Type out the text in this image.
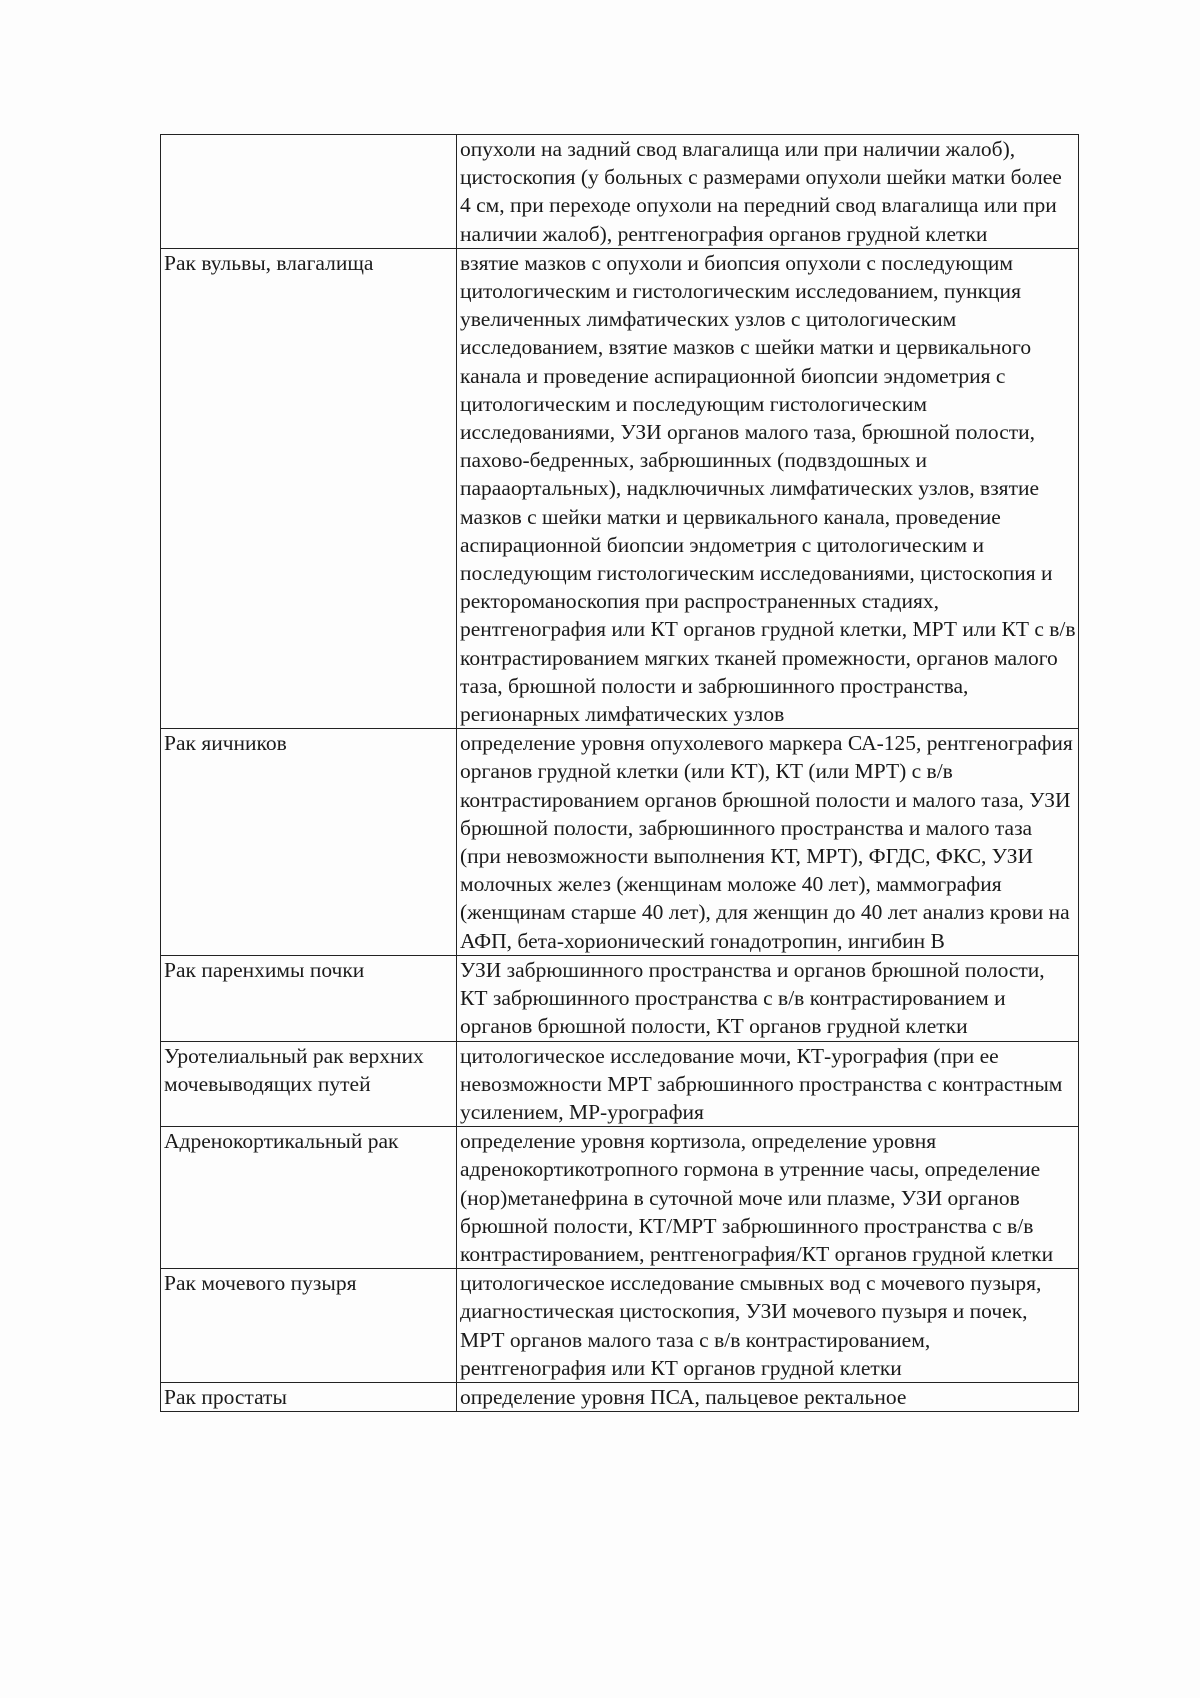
	опухоли на задний свод влагалища или при наличии жалоб), цистоскопия (у больных с размерами опухоли шейки матки более 4 см, при переходе опухоли на передний свод влагалища или при наличии жалоб), рентгенография органов грудной клетки

Рак вульвы, влагалища	взятие мазков с опухоли и биопсия опухоли с последующим цитологическим и гистологическим исследованием, пункция увеличенных лимфатических узлов с цитологическим исследованием, взятие мазков с шейки матки и цервикального канала и проведение аспирационной биопсии эндометрия с цитологическим и последующим гистологическим исследованиями, УЗИ органов малого таза, брюшной полости, пахово-бедренных, забрюшинных (подвздошных и парааортальных), надключичных лимфатических узлов, взятие мазков с шейки матки и цервикального канала, проведение аспирационной биопсии эндометрия с цитологическим и последующим гистологическим исследованиями, цистоскопия и ректороманоскопия при распространенных стадиях, рентгенография или КТ органов грудной клетки, МРТ или КТ с в/в контрастированием мягких тканей промежности, органов малого таза, брюшной полости и забрюшинного пространства, регионарных лимфатических узлов

Рак яичников	определение уровня опухолевого маркера СА-125, рентгенография органов грудной клетки (или КТ), КТ (или МРТ) с в/в контрастированием органов брюшной полости и малого таза, УЗИ брюшной полости, забрюшинного пространства и малого таза (при невозможности выполнения КТ, МРТ), ФГДС, ФКС, УЗИ молочных желез (женщинам моложе 40 лет), маммография (женщинам старше 40 лет), для женщин до 40 лет анализ крови на АФП, бета-хорионический гонадотропин, ингибин В

Рак паренхимы почки	УЗИ забрюшинного пространства и органов брюшной полости, КТ забрюшинного пространства с в/в контрастированием и органов брюшной полости, КТ органов грудной клетки

Уротелиальный рак верхних мочевыводящих путей	цитологическое исследование мочи, КТ-урография (при ее невозможности МРТ забрюшинного пространства с контрастным усилением, МР-урография

Адренокортикальный рак	определение уровня кортизола, определение уровня адренокортикотропного гормона в утренние часы, определение (нор)метанефрина в суточной моче или плазме, УЗИ органов брюшной полости, КТ/МРТ забрюшинного пространства с в/в контрастированием, рентгенография/КТ органов грудной клетки

Рак мочевого пузыря	цитологическое исследование смывных вод с мочевого пузыря, диагностическая цистоскопия, УЗИ мочевого пузыря и почек, МРТ органов малого таза с в/в контрастированием, рентгенография или КТ органов грудной клетки

Рак простаты	определение уровня ПСА, пальцевое ректальное
